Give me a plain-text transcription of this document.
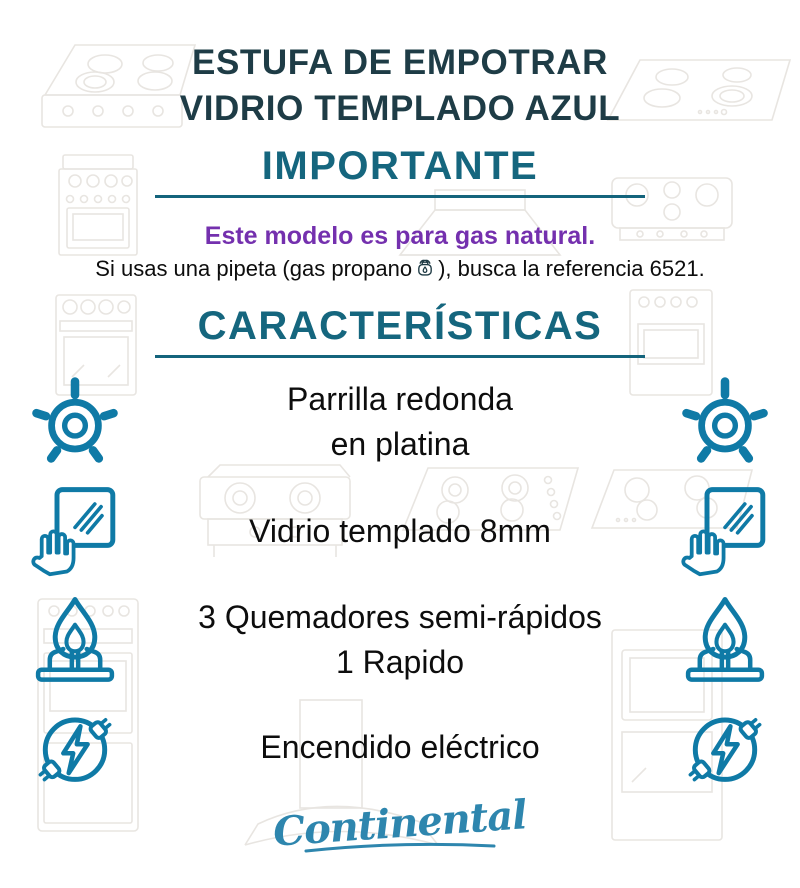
ESTUFA DE EMPOTRAR
VIDRIO TEMPLADO AZUL
IMPORTANTE
Este modelo es para gas natural.
Si usas una pipeta (gas propano ), busca la referencia 6521.
CARACTERÍSTICAS
Parrilla redonda
en platina
Vidrio templado 8mm
3 Quemadores semi-rápidos
1 Rapido
Encendido eléctrico
Continental
